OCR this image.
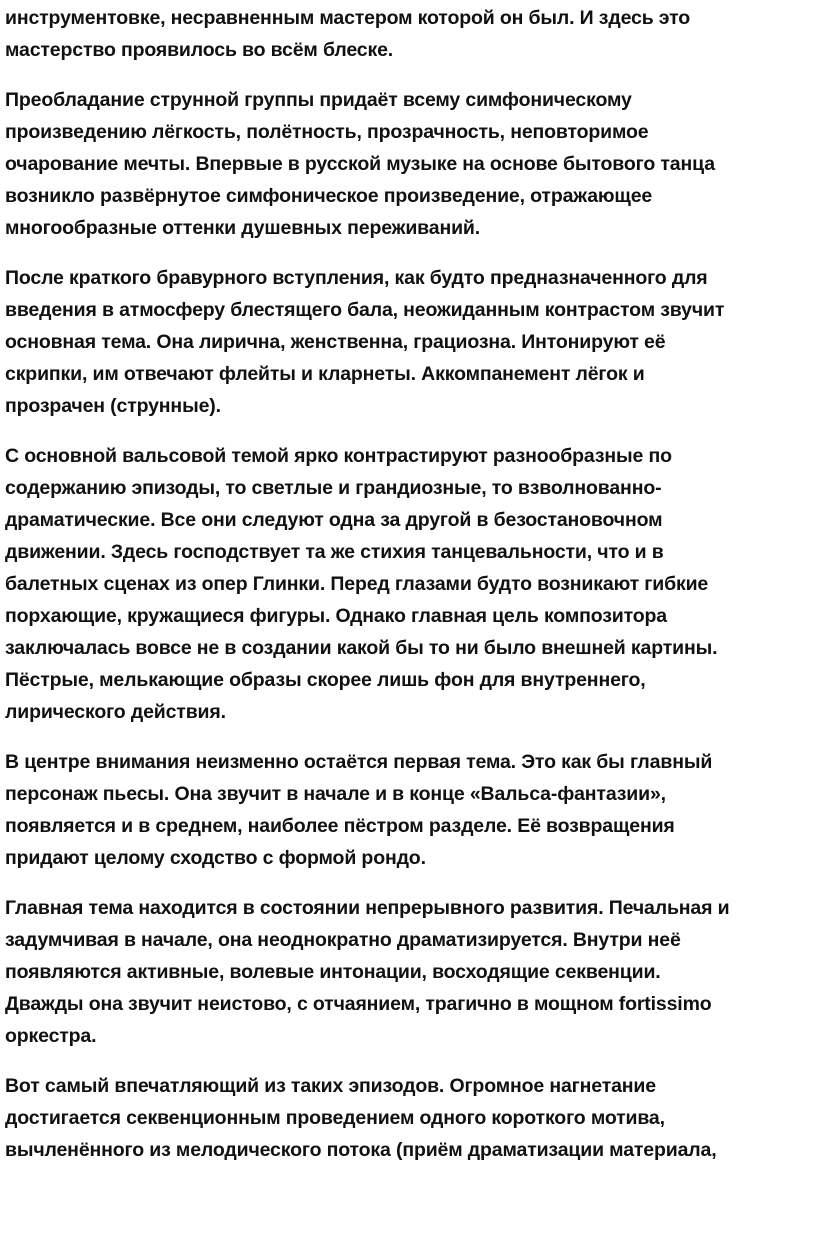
инструментовке, несравненным мастером которой он был. И здесь это
мастерство проявилось во всём блеске.

Преобладание струнной группы придаёт всему симфоническому
произведению лёгкость, полётность, прозрачность, неповторимое
очарование мечты. Впервые в русской музыке на основе бытового танца
возникло развёрнутое симфоническое произведение, отражающее
многообразные оттенки душевных переживаний.

После краткого бравурного вступления, как будто предназначенного для
введения в атмосферу блестящего бала, неожиданным контрастом звучит
основная тема. Она лирична, женственна, грациозна. Интонируют её
скрипки, им отвечают флейты и кларнеты. Аккомпанемент лёгок и
прозрачен (струнные).

С основной вальсовой темой ярко контрастируют разнообразные по
содержанию эпизоды, то светлые и грандиозные, то взволнованно-
драматические. Все они следуют одна за другой в безостановочном
движении. Здесь господствует та же стихия танцевальности, что и в
балетных сценах из опер Глинки. Перед глазами будто возникают гибкие
порхающие, кружащиеся фигуры. Однако главная цель композитора
заключалась вовсе не в создании какой бы то ни было внешней картины.
Пёстрые, мелькающие образы скорее лишь фон для внутреннего,
лирического действия.

В центре внимания неизменно остаётся первая тема. Это как бы главный
персонаж пьесы. Она звучит в начале и в конце «Вальса-фантазии»,
появляется и в среднем, наиболее пёстром разделе. Её возвращения
придают целому сходство с формой рондо.

Главная тема находится в состоянии непрерывного развития. Печальная и
задумчивая в начале, она неоднократно драматизируется. Внутри неё
появляются активные, волевые интонации, восходящие секвенции.
Дважды она звучит неистово, с отчаянием, трагично в мощном fortissimo
оркестра.

Вот самый впечатляющий из таких эпизодов. Огромное нагнетание
достигается секвенционным проведением одного короткого мотива,
вычленённого из мелодического потока (приём драматизации материала,
